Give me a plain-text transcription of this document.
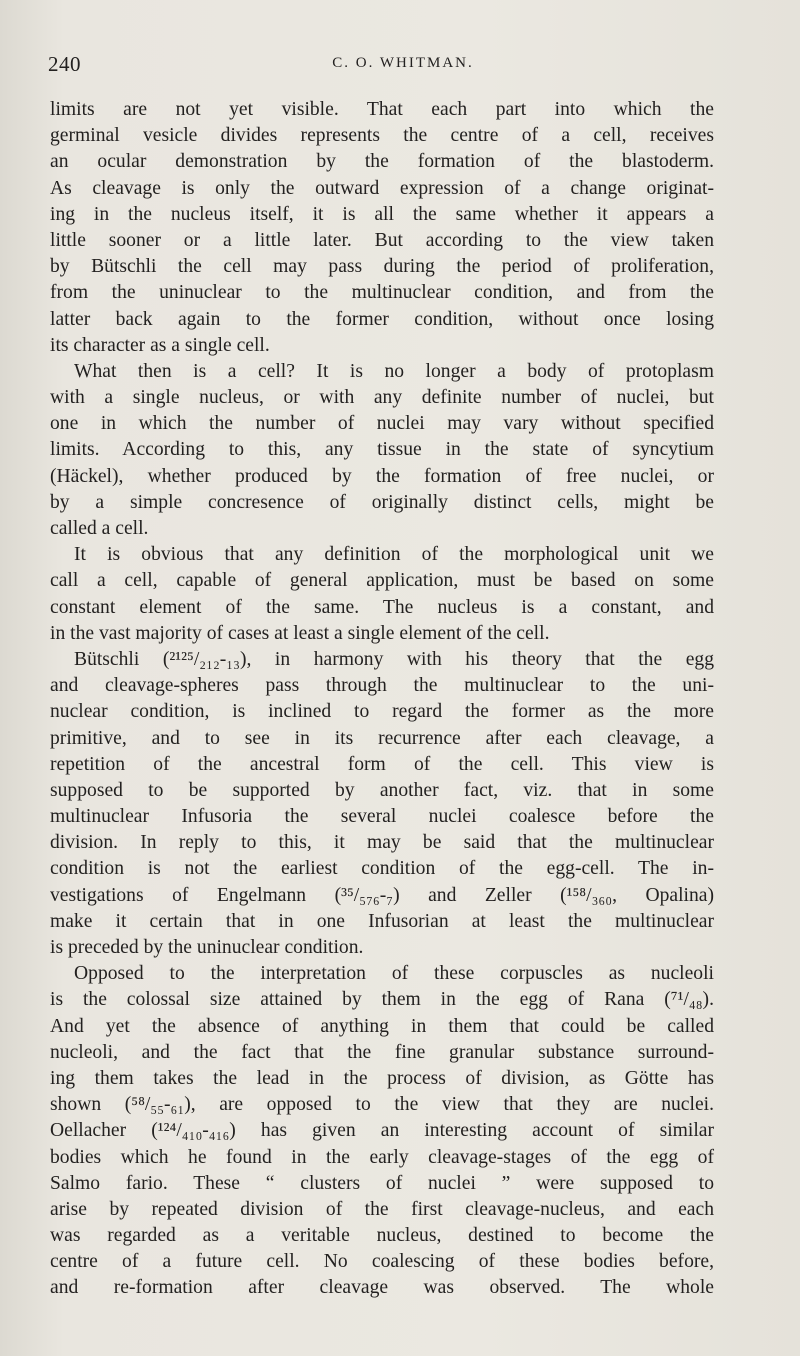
240	C. O. WHITMAN.
limits are not yet visible. That each part into which the
germinal vesicle divides represents the centre of a cell, receives
an ocular demonstration by the formation of the blastoderm.
As cleavage is only the outward expression of a change originat-
ing in the nucleus itself, it is all the same whether it appears a
little sooner or a little later. But according to the view taken
by Bütschli the cell may pass during the period of proliferation,
from the uninuclear to the multinuclear condition, and from the
latter back again to the former condition, without once losing
its character as a single cell.
What then is a cell? It is no longer a body of protoplasm
with a single nucleus, or with any definite number of nuclei, but
one in which the number of nuclei may vary without specified
limits. According to this, any tissue in the state of syncytium
(Häckel), whether produced by the formation of free nuclei, or
by a simple concresence of originally distinct cells, might be
called a cell.
It is obvious that any definition of the morphological unit we
call a cell, capable of general application, must be based on some
constant element of the same. The nucleus is a constant, and
in the vast majority of cases at least a single element of the cell.
Bütschli (²¹²⁵/₂₁₂‑₁₃), in harmony with his theory that the egg
and cleavage-spheres pass through the multinuclear to the uni-
nuclear condition, is inclined to regard the former as the more
primitive, and to see in its recurrence after each cleavage, a
repetition of the ancestral form of the cell. This view is
supposed to be supported by another fact, viz. that in some
multinuclear Infusoria the several nuclei coalesce before the
division. In reply to this, it may be said that the multinuclear
condition is not the earliest condition of the egg-cell. The in-
vestigations of Engelmann (³⁵/₅₇₆‑₇) and Zeller (¹⁵⁸/₃₆₀, Opalina)
make it certain that in one Infusorian at least the multinuclear
is preceded by the uninuclear condition.
Opposed to the interpretation of these corpuscles as nucleoli
is the colossal size attained by them in the egg of Rana (⁷¹/₄₈).
And yet the absence of anything in them that could be called
nucleoli, and the fact that the fine granular substance surround-
ing them takes the lead in the process of division, as Götte has
shown (⁵⁸/₅₅‑₆₁), are opposed to the view that they are nuclei.
Oellacher (¹²⁴/₄₁₀‑₄₁₆) has given an interesting account of similar
bodies which he found in the early cleavage-stages of the egg of
Salmo fario. These “ clusters of nuclei ” were supposed to
arise by repeated division of the first cleavage-nucleus, and each
was regarded as a veritable nucleus, destined to become the
centre of a future cell. No coalescing of these bodies before,
and re-formation after cleavage was observed. The whole
